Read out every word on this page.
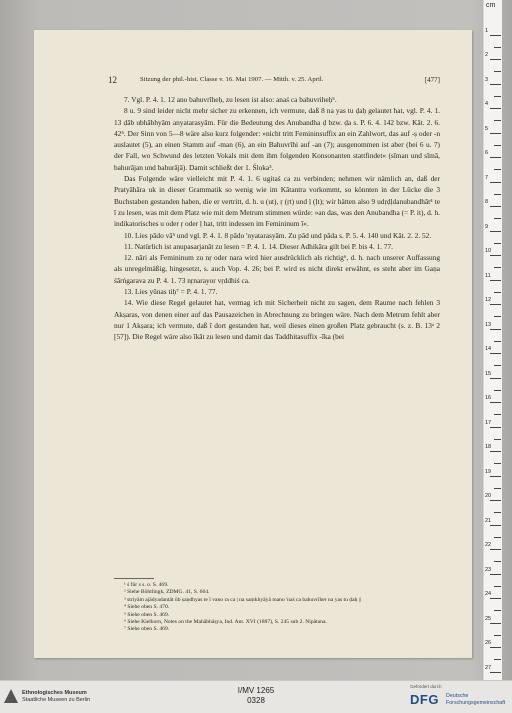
12	Sitzung der phil.-hist. Classe v. 16. Mai 1907. — Mitth. v. 25. April.	[477]

7. Vgl. P. 4. 1. 12 ano bahuvrīheḥ, zu lesen ist also: anaś ca bahuvriheḥ⁵.

8 u. 9 sind leider nicht mehr sicher zu erkennen, ich vermute, daß 8 na yas tu ḍaḥ gelautet hat, vgl. P. 4. 1. 13 ḍāb ubhābhyām anyatarasyām. Für die Bedeutung des Anubandha ḍ bzw. ḍa s. P. 6. 4. 142 bzw. Kāt. 2. 6. 42⁵. Der Sinn von 5—8 wäre also kurz folgender: »nicht tritt Femininsuffix an ein Zahlwort, das auf -ṣ oder -n auslautet (5), an einen Stamm auf -man (6), an ein Bahuvrīhi auf -an (7); ausgenommen ist aber (bei 6 u. 7) der Fall, wo Schwund des letzten Vokals mit dem ihm folgenden Konsonanten stattfindet« (sīman und sīmā, bahurājan und bahurājā). Damit schließt der 1. Śloka³.

Das Folgende wäre vielleicht mit P. 4. 1. 6 ugitaś ca zu verbinden; nehmen wir nämlich an, daß der Pratyāhāra uk in dieser Grammatik so wenig wie im Kātantra vorkommt, so könnten in der Lücke die 3 Buchstaben gestanden haben, die er vertritt, d. h. u (ut), ṛ (ṛt) und ḷ (ḷt); wir hätten also 9 udṛḍḷdanubandhāt⁴ te ī zu lesen, was mit dem Platz wie mit dem Metrum stimmen würde: »an das, was den Anubandha (= P. it), d. h. indikatorisches u oder ṛ oder ḷ hat, tritt indessen im Femininum ī«.

10. Lies pādo vā⁵ und vgl. P. 4. 1. 8 pādo 'nyatarasyām. Zu pād und pāda s. P. 5. 4. 140 und Kāt. 2. 2. 52.

11. Natürlich ist anupasarjanāt zu lesen = P. 4. 1. 14. Dieser Adhikāra gilt bei P. bis 4. 1. 77.

12. nāri als Femininum zu nṛ oder nara wird hier ausdrücklich als richtig⁶, d. h. nach unserer Auffassung als unregelmäßig, hingesetzt, s. auch Vop. 4. 26; bei P. wird es nicht direkt erwähnt, es steht aber im Gaṇa śārṅgarava zu P. 4. 1. 73 nṛnarayor vṛddhiś ca.

13. Lies yūnas tiḥ⁷ = P. 4. 1. 77.

14. Wie diese Regel gelautet hat, vermag ich mit Sicherheit nicht zu sagen, dem Raume nach fehlen 3 Akṣaras, von denen einer auf das Pausazeichen in Abrechnung zu bringen wäre. Nach dem Metrum fehlt aber nur 1 Akṣara; ich vermute, daß ī dort gestanden hat, weil dieses einen großen Platz gebraucht (s. z. B. 13ᵃ 2 [57]). Die Regel wäre also īkāt zu lesen und damit das Taddhitasuffix -īka (bei

¹ ś für s s. o. S. 469.
² Siehe Böhtlingk, ZDMG. 41, S. 664.
³ striyām ajādyadantāt ūb ṣaṇdhyas te ī vano ra ca | na saṃkhyāyā mano 'naś ca bahuvrīher na yas tu ḍaḥ ||
⁴ Siehe oben S. 470.
⁵ Siehe oben S. 469.
⁶ Siehe Kielhorn, Notes on the Mahābhāṣya, Ind. Ant. XVI (1887), S. 245 sub 2. Nipātana.
⁷ Siehe oben S. 469.
cm
1
2
3
4
5
6
7
8
9
10
11
12
13
14
15
16
17
18
19
20
21
22
23
24
25
26
27
Ethnologisches Museum
Staatliche Museen zu Berlin
I/MV 1265
0328
Gefördert durch
DFG Deutsche
Forschungsgemeinschaft
